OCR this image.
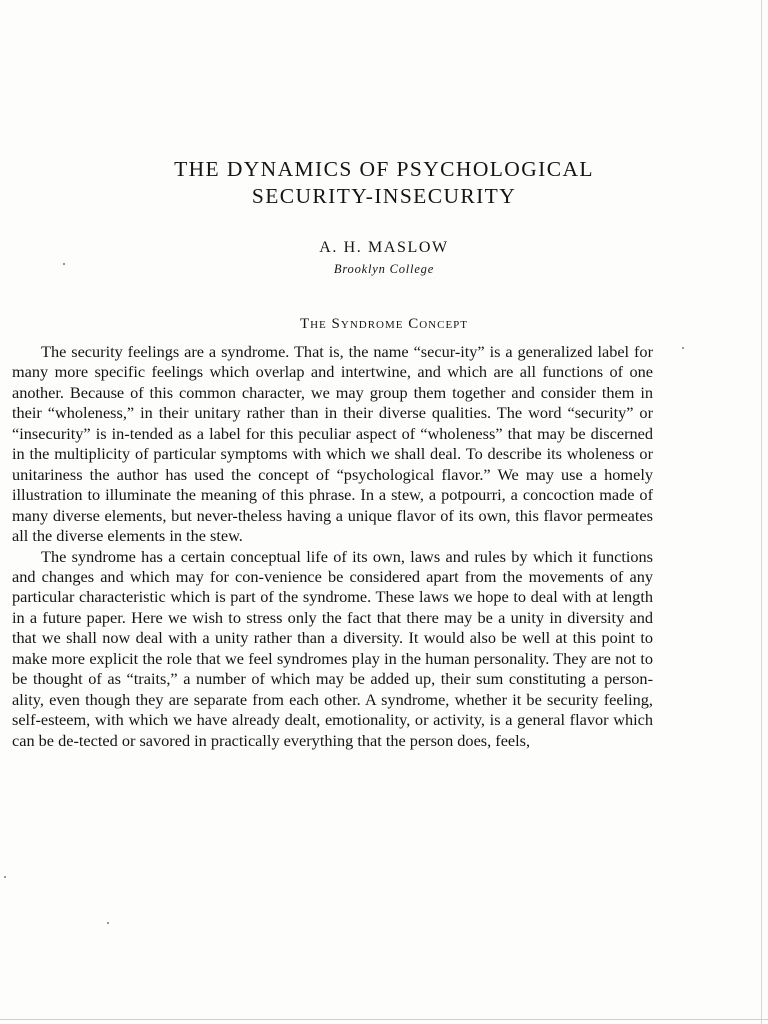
THE DYNAMICS OF PSYCHOLOGICAL
SECURITY-INSECURITY

A. H. MASLOW

Brooklyn College
The Syndrome Concept

The security feelings are a syndrome. That is, the name “secur-ity” is a generalized label for many more specific feelings which overlap and intertwine, and which are all functions of one another. Because of this common character, we may group them together and consider them in their “wholeness,” in their unitary rather than in their diverse qualities. The word “security” or “insecurity” is in-tended as a label for this peculiar aspect of “wholeness” that may be discerned in the multiplicity of particular symptoms with which we shall deal. To describe its wholeness or unitariness the author has used the concept of “psychological flavor.” We may use a homely illustration to illuminate the meaning of this phrase. In a stew, a potpourri, a concoction made of many diverse elements, but never-theless having a unique flavor of its own, this flavor permeates all the diverse elements in the stew.

The syndrome has a certain conceptual life of its own, laws and rules by which it functions and changes and which may for con-venience be considered apart from the movements of any particular characteristic which is part of the syndrome. These laws we hope to deal with at length in a future paper. Here we wish to stress only the fact that there may be a unity in diversity and that we shall now deal with a unity rather than a diversity. It would also be well at this point to make more explicit the role that we feel syndromes play in the human personality. They are not to be thought of as “traits,” a number of which may be added up, their sum constituting a person-ality, even though they are separate from each other. A syndrome, whether it be security feeling, self-esteem, with which we have already dealt, emotionality, or activity, is a general flavor which can be de-tected or savored in practically everything that the person does, feels,
